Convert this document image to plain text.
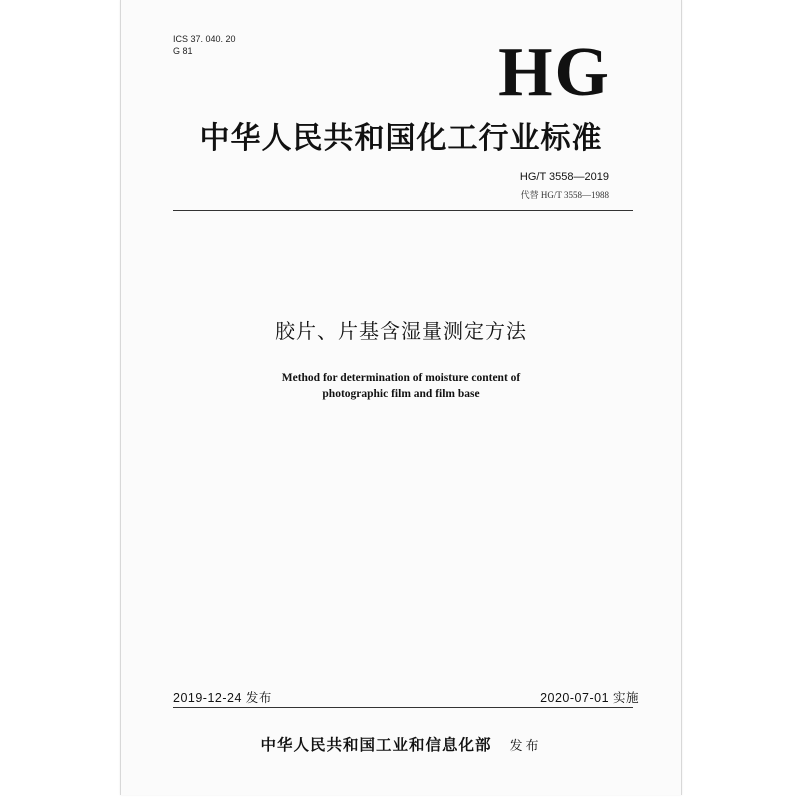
ICS 37. 040. 20
G 81	HG
中华人民共和国化工行业标准
HG/T 3558—2019
代替 HG/T 3558—1988
胶片、片基含湿量测定方法
Method for determination of moisture content of
photographic film and film base
2019-12-24 发布	2020-07-01 实施
中华人民共和国工业和信息化部 发布
